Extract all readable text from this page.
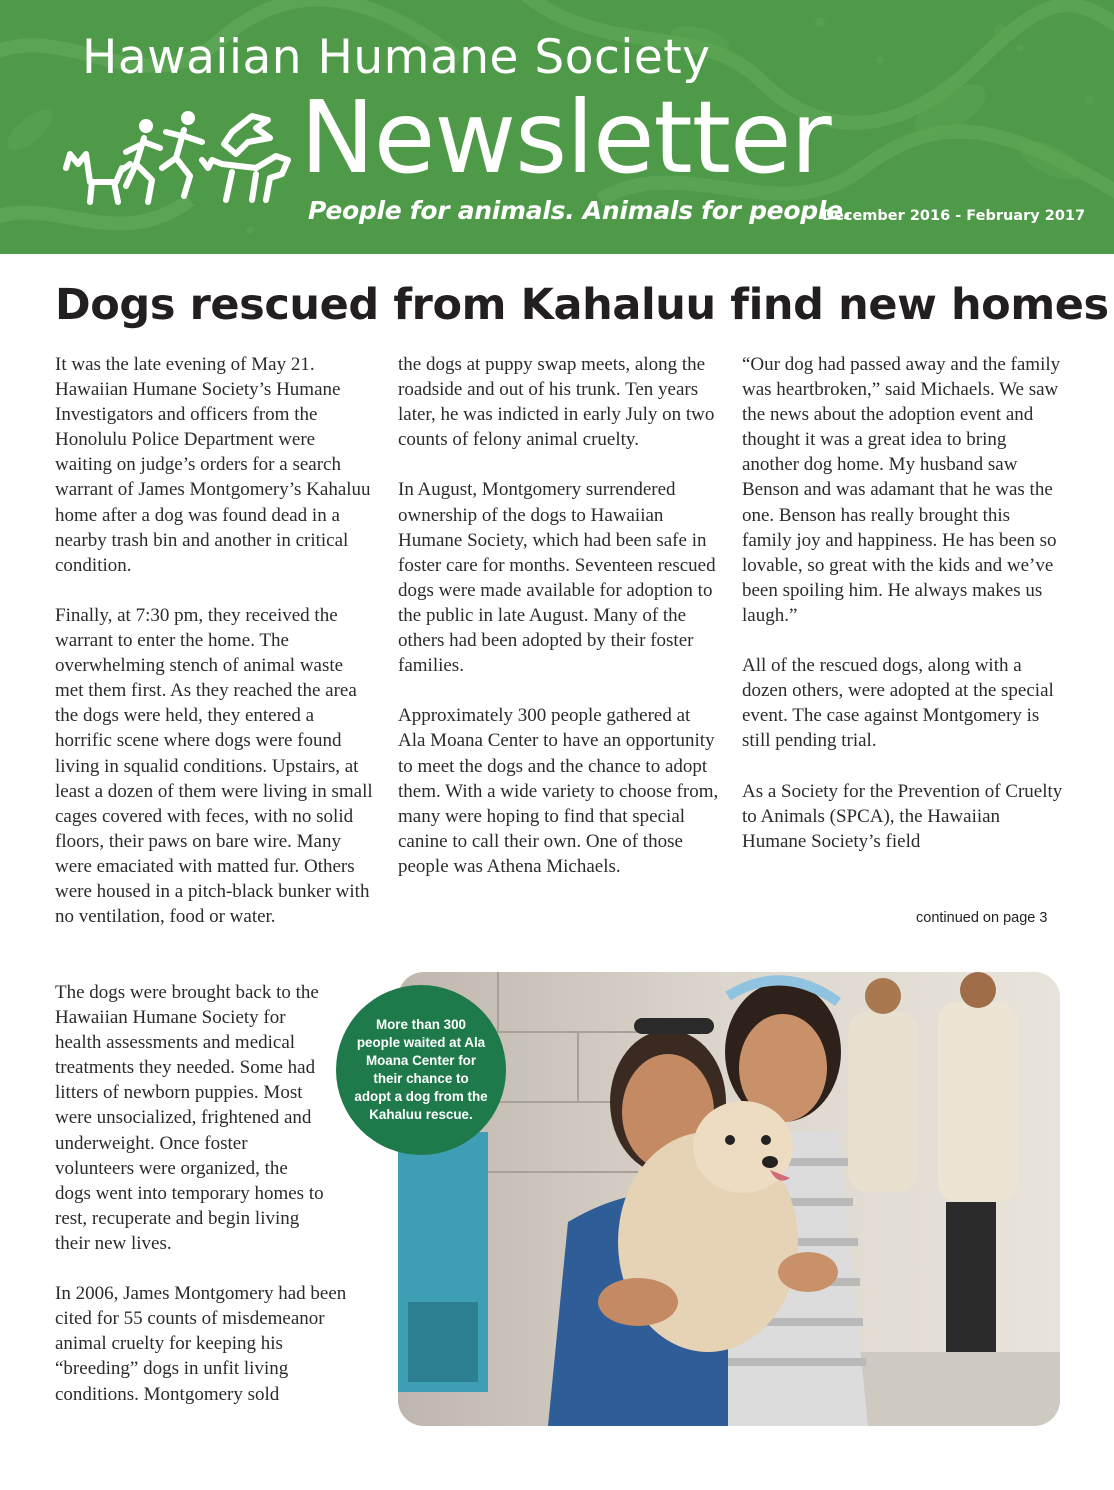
Hawaiian Humane Society
Newsletter
People for animals. Animals for people.
December 2016 - February 2017
Dogs rescued from Kahaluu find new homes

It was the late evening of May 21. Hawaiian Humane Society’s Humane Investigators and officers from the Honolulu Police Department were waiting on judge’s orders for a search warrant of James Montgomery’s Kahaluu home after a dog was found dead in a nearby trash bin and another in critical condition.

Finally, at 7:30 pm, they received the warrant to enter the home. The overwhelming stench of animal waste met them first. As they reached the area the dogs were held, they entered a horrific scene where dogs were found living in squalid conditions. Upstairs, at least a dozen of them were living in small cages covered with feces, with no solid floors, their paws on bare wire. Many were emaciated with matted fur. Others were housed in a pitch-black bunker with no ventilation, food or water.

The dogs were brought back to the Hawaiian Humane Society for health assessments and medical treatments they needed. Some had litters of newborn puppies. Most were unsocialized, frightened and underweight. Once foster volunteers were organized, the dogs went into temporary homes to rest, recuperate and begin living their new lives.

In 2006, James Montgomery had been cited for 55 counts of misdemeanor animal cruelty for keeping his “breeding” dogs in unfit living conditions. Montgomery sold

the dogs at puppy swap meets, along the roadside and out of his trunk. Ten years later, he was indicted in early July on two counts of felony animal cruelty.

In August, Montgomery surrendered ownership of the dogs to Hawaiian Humane Society, which had been safe in foster care for months. Seventeen rescued dogs were made available for adoption to the public in late August. Many of the others had been adopted by their foster families.

Approximately 300 people gathered at Ala Moana Center to have an opportunity to meet the dogs and the chance to adopt them. With a wide variety to choose from, many were hoping to find that special canine to call their own. One of those people was Athena Michaels.

“Our dog had passed away and the family was heartbroken,” said Michaels. We saw the news about the adoption event and thought it was a great idea to bring another dog home. My husband saw Benson and was adamant that he was the one. Benson has really brought this family joy and happiness. He has been so lovable, so great with the kids and we’ve been spoiling him. He always makes us laugh.”

All of the rescued dogs, along with a dozen others, were adopted at the special event. The case against Montgomery is still pending trial.

As a Society for the Prevention of Cruelty to Animals (SPCA), the Hawaiian Humane Society’s field

continued on page 3
More than 300 people waited at Ala Moana Center for their chance to adopt a dog from the Kahaluu rescue.
